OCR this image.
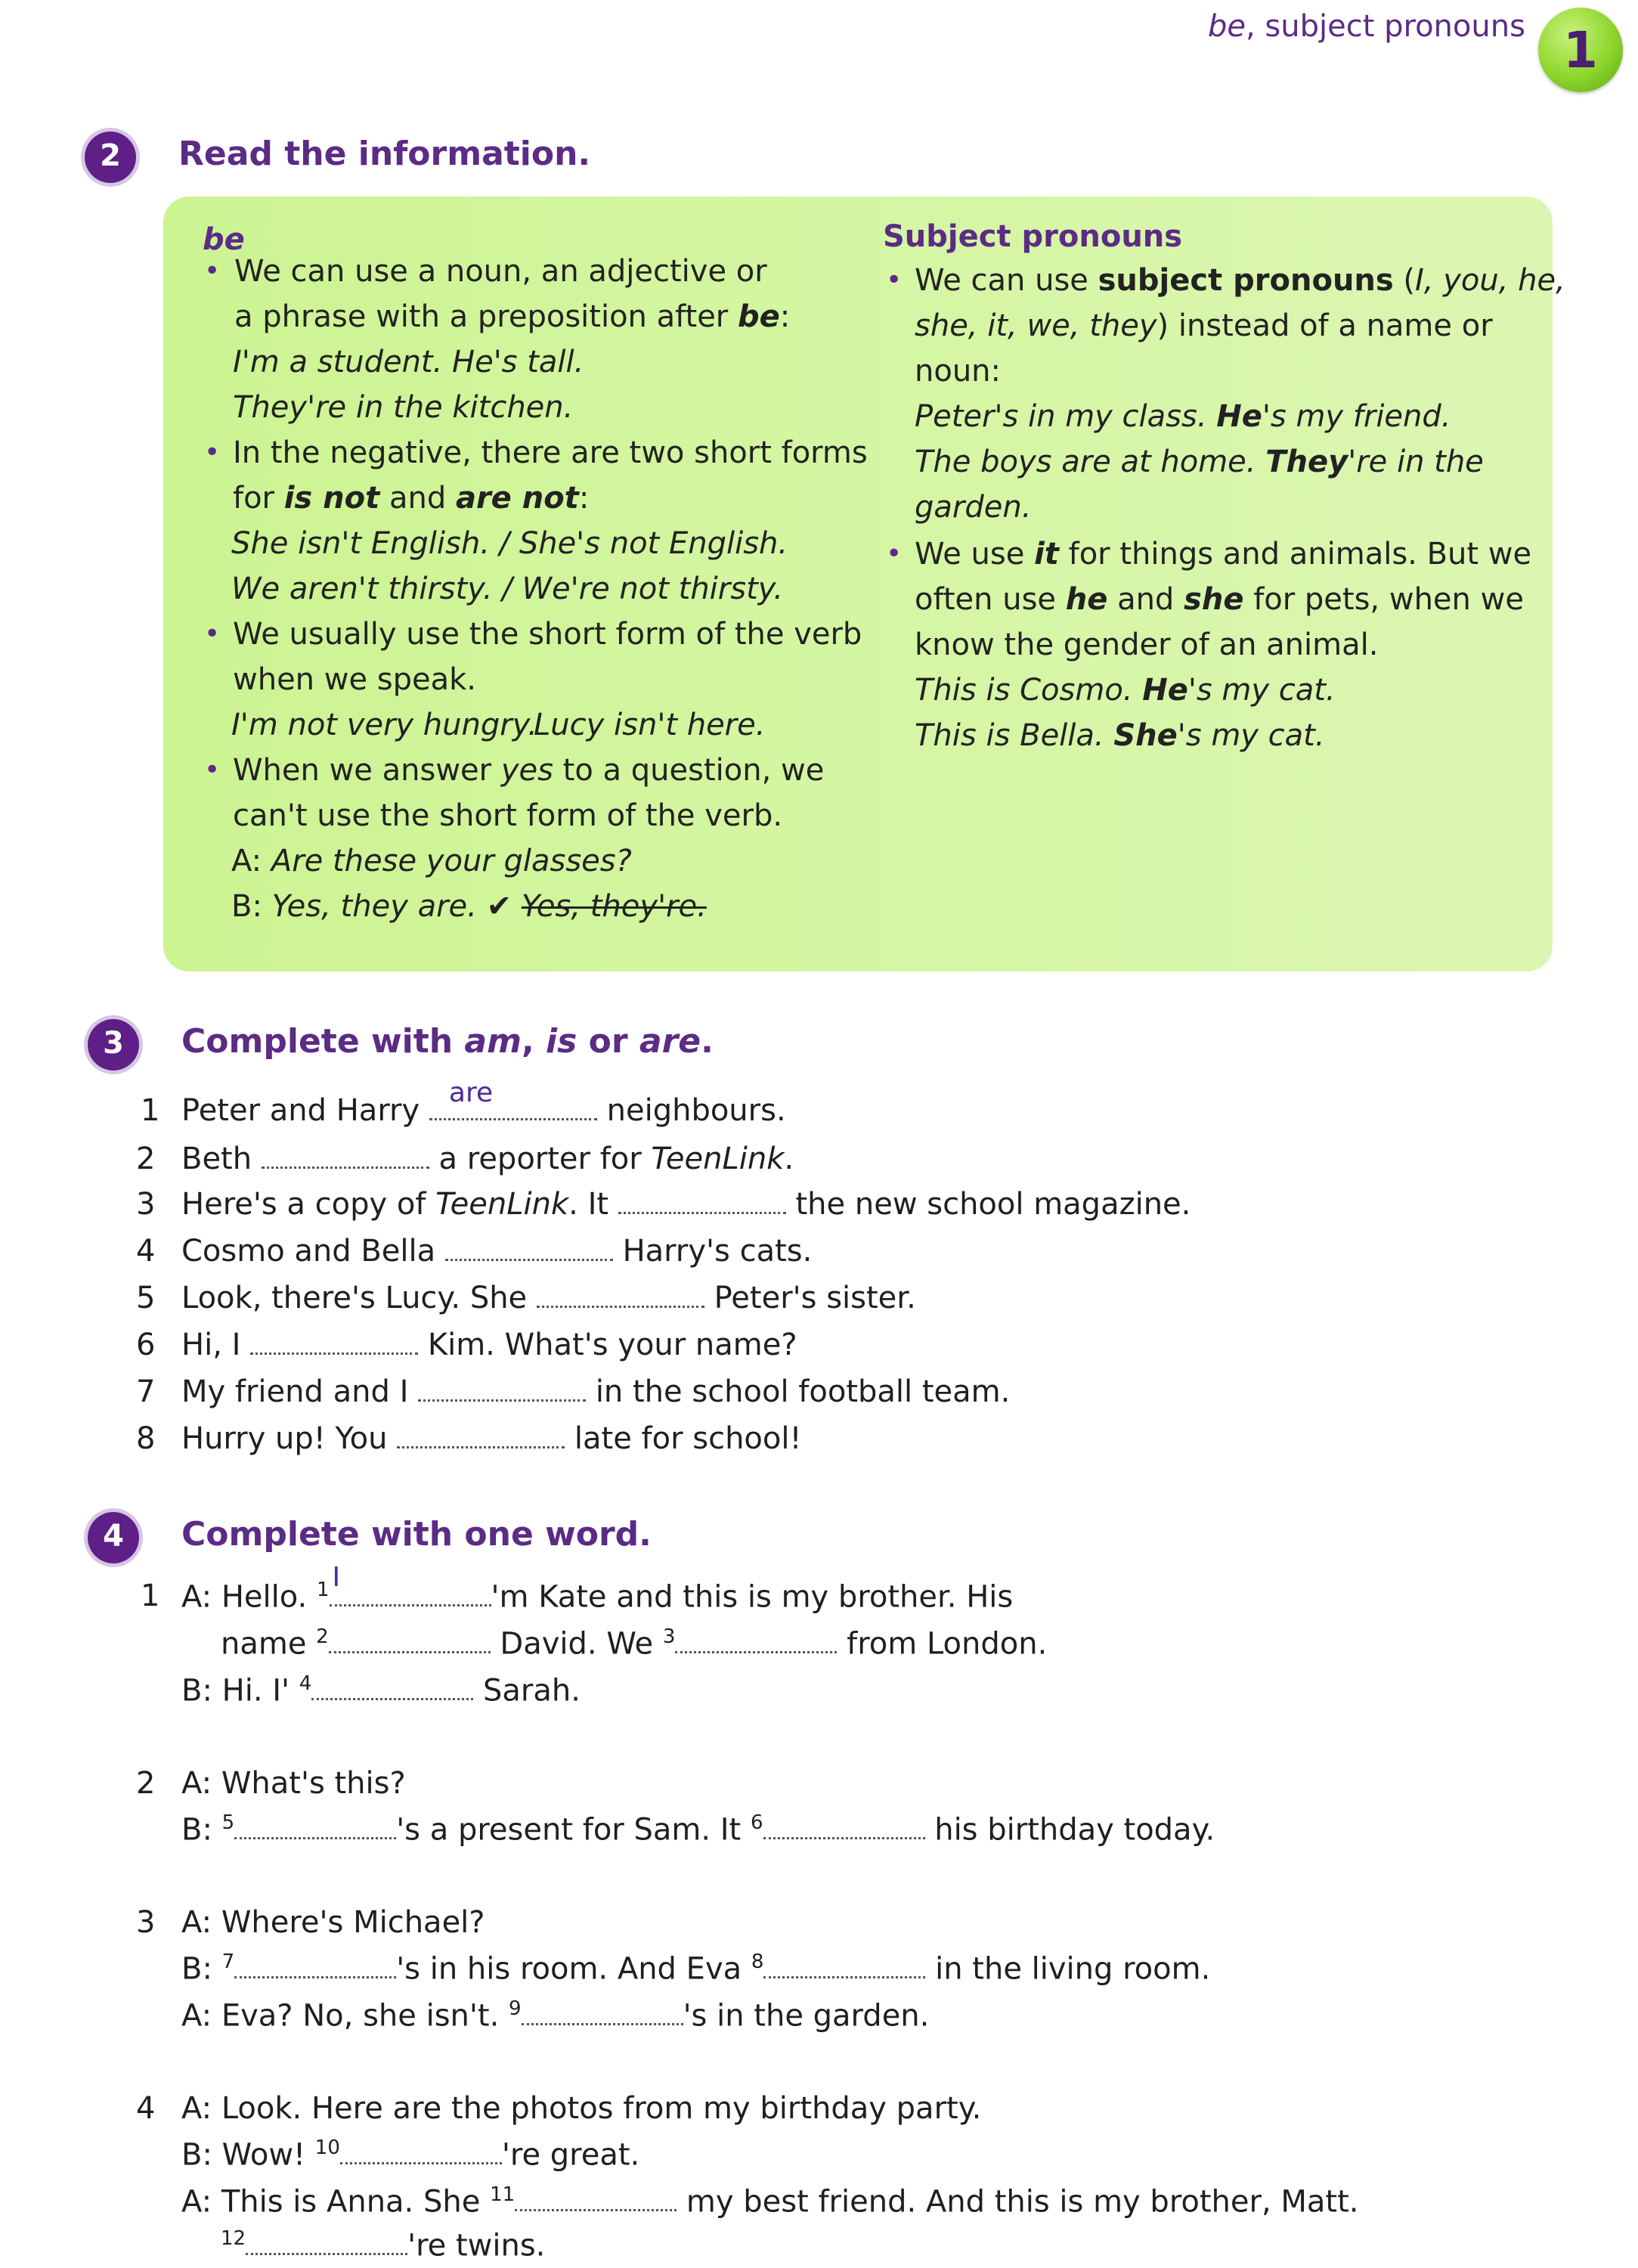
be, subject pronouns 1
2	Read the information.
be
• We can use a noun, an adjective or
a phrase with a preposition after be:
I'm a student. He's tall.
They're in the kitchen.
• In the negative, there are two short forms
for is not and are not:
She isn't English. / She's not English.
We aren't thirsty. / We're not thirsty.
• We usually use the short form of the verb
when we speak.
I'm not very hungry.
Lucy isn't here.
• When we answer yes to a question, we
can't use the short form of the verb.
A: Are these your glasses?
B: Yes, they are. ✔ Yes, they're.
Subject pronouns
• We can use subject pronouns (I, you, he,
she, it, we, they) instead of a name or
noun:
Peter's in my class. He's my friend.
The boys are at home. They're in the
garden.
• We use it for things and animals. But we
often use he and she for pets, when we
know the gender of an animal.
This is Cosmo. He's my cat.
This is Bella. She's my cat.
3	Complete with am, is or are.
1 Peter and Harry
are
neighbours.
2 Beth	a reporter for TeenLink.
3 Here's a copy of TeenLink. It	the new school magazine.
4 Cosmo and Bella	Harry's cats.
5 Look, there's Lucy. She	Peter's sister.
6 Hi, I	Kim. What's your name?
7 My friend and I	in the school football team.
8 Hurry up! You	late for school!
4	Complete with one word.
1 A: Hello. $^1$ I
'm Kate and this is my brother. His
name $^2$	David. We $^3$	from London.
B: Hi. I' $^4$	Sarah.
2 A: What's this?
B: $^5$	's a present for Sam. It $^6$	his birthday today.
3 A: Where's Michael?
B: $^7$	's in his room. And Eva $^8$	in the living room.
A: Eva? No, she isn't. $^9$	's in the garden.
4 A: Look. Here are the photos from my birthday party.
B: Wow! $^{10}$	're great.
A: This is Anna. She $^{11}$	my best friend. And this is my brother, Matt.
$^{12}$	're twins.
